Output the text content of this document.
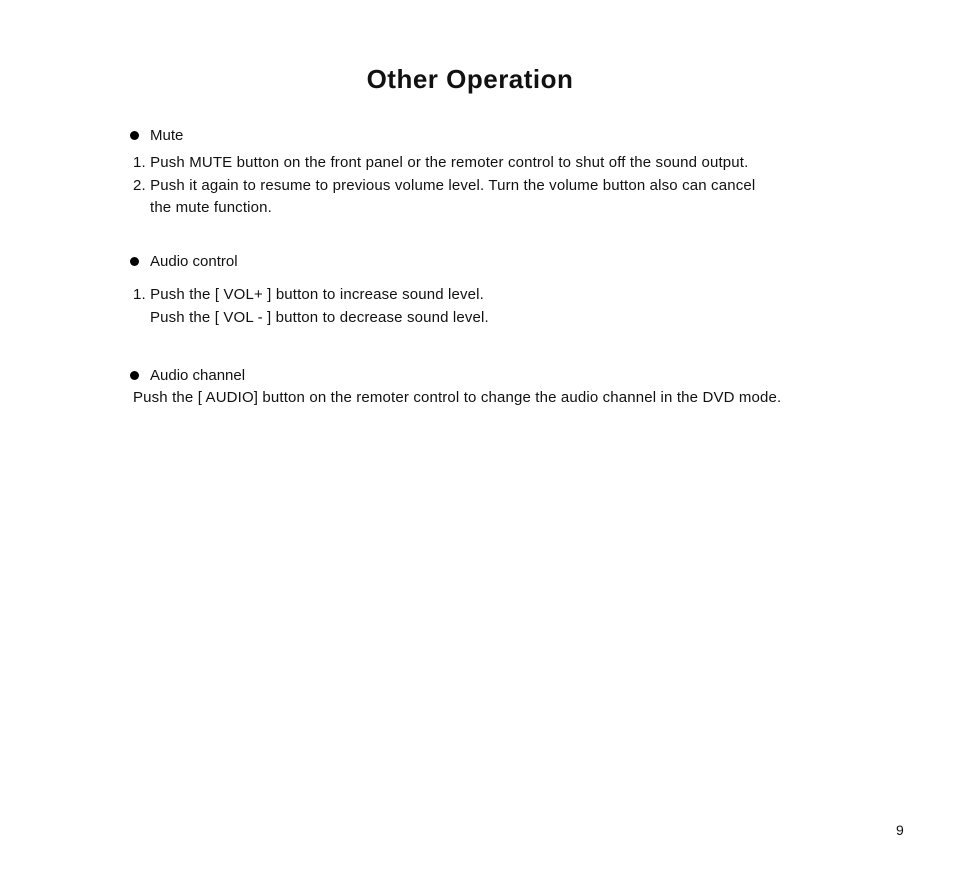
Other Operation
Mute
1. Push MUTE button on the front panel or the remoter control to shut off the sound output.
2. Push it again to resume to previous volume level. Turn the volume button also can cancel
the mute function.
Audio control
1. Push the [ VOL+ ] button to increase sound level.
Push the [ VOL - ] button to decrease sound level.
Audio channel
Push the [ AUDIO] button on the remoter control to change the audio channel in the DVD mode.
9
